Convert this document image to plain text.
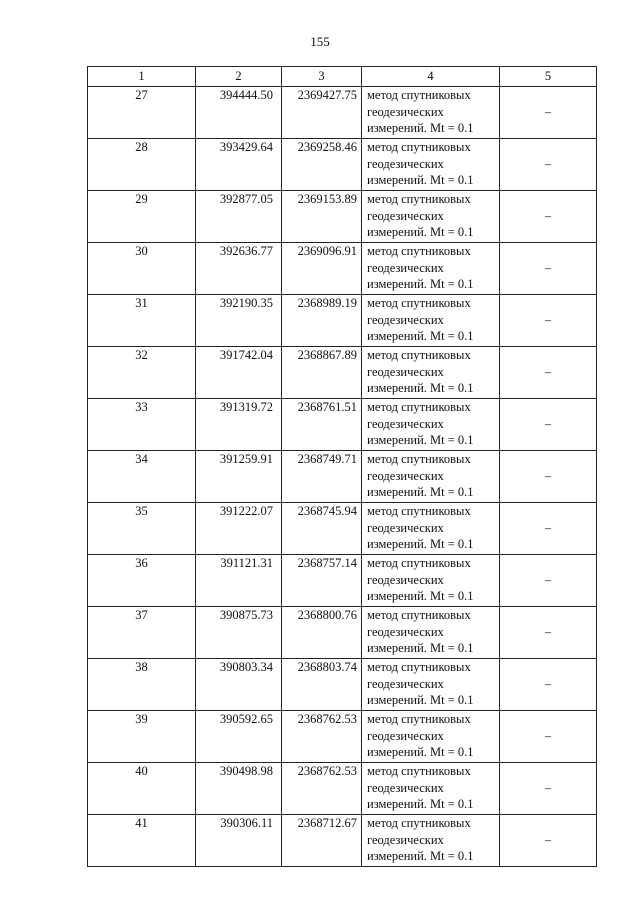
155
1	2	3	4	5
27	394444.50	2369427.75	метод спутниковых
геодезических
измерений. Mt = 0.1	–
28	393429.64	2369258.46	метод спутниковых
геодезических
измерений. Mt = 0.1	–
29	392877.05	2369153.89	метод спутниковых
геодезических
измерений. Mt = 0.1	–
30	392636.77	2369096.91	метод спутниковых
геодезических
измерений. Mt = 0.1	–
31	392190.35	2368989.19	метод спутниковых
геодезических
измерений. Mt = 0.1	–
32	391742.04	2368867.89	метод спутниковых
геодезических
измерений. Mt = 0.1	–
33	391319.72	2368761.51	метод спутниковых
геодезических
измерений. Mt = 0.1	–
34	391259.91	2368749.71	метод спутниковых
геодезических
измерений. Mt = 0.1	–
35	391222.07	2368745.94	метод спутниковых
геодезических
измерений. Mt = 0.1	–
36	391121.31	2368757.14	метод спутниковых
геодезических
измерений. Mt = 0.1	–
37	390875.73	2368800.76	метод спутниковых
геодезических
измерений. Mt = 0.1	–
38	390803.34	2368803.74	метод спутниковых
геодезических
измерений. Mt = 0.1	–
39	390592.65	2368762.53	метод спутниковых
геодезических
измерений. Mt = 0.1	–
40	390498.98	2368762.53	метод спутниковых
геодезических
измерений. Mt = 0.1	–
41	390306.11	2368712.67	метод спутниковых
геодезических
измерений. Mt = 0.1	–
